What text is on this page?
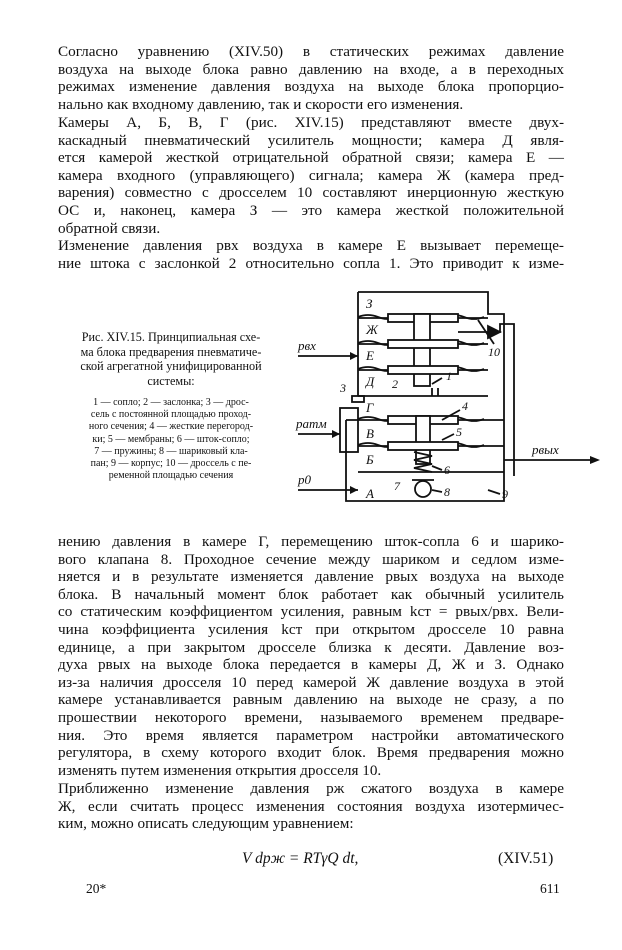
Согласно уравнению (XIV.50) в статических режимах давление
воздуха на выходе блока равно давлению на входе, а в переходных
режимах изменение давления воздуха на выходе блока пропорцио-
нально как входному давлению, так и скорости его изменения.

Камеры А, Б, В, Г (рис. XIV.15) представляют вместе двух-
каскадный пневматический усилитель мощности; камера Д явля-
ется камерой жесткой отрицательной обратной связи; камера Е —
камера входного (управляющего) сигнала; камера Ж (камера пред-
варения) совместно с дросселем 10 составляют инерционную жесткую
ОС и, наконец, камера З — это камера жесткой положительной
обратной связи.

Изменение давления pвх воздуха в камере Е вызывает перемеще-
ние штока с заслонкой 2 относительно сопла 1. Это приводит к изме-

Рис. XIV.15. Принципиальная схе-
ма блока предварения пневматиче-
ской агрегатной унифицированной
системы:
1 — сопло; 2 — заслонка; 3 — дрос-
сель с постоянной площадью проход-
ного сечения; 4 — жесткие перегород-
ки; 5 — мембраны; 6 — шток-сопло;
7 — пружины; 8 — шариковый кла-
пан; 9 — корпус; 10 — дроссель с пе-
ременной площадью сечения
З
Ж
Е
Д
Г
В
Б
А
1
2
3
4
5
6
7	8	9
10
pвх
pатм
pвых
p0

нению давления в камере Г, перемещению шток-сопла 6 и шарико-
вого клапана 8. Проходное сечение между шариком и седлом изме-
няется и в результате изменяется давление pвых воздуха на выходе
блока. В начальный момент блок работает как обычный усилитель
со статическим коэффициентом усиления, равным kст = pвых/pвх. Вели-
чина коэффициента усиления kст при открытом дросселе 10 равна
единице, а при закрытом дросселе близка к десяти. Давление воз-
духа pвых на выходе блока передается в камеры Д, Ж и З. Однако
из-за наличия дросселя 10 перед камерой Ж давление воздуха в этой
камере устанавливается равным давлению на выходе не сразу, а по
прошествии некоторого времени, называемого временем предваре-
ния. Это время является параметром настройки автоматического
регулятора, в схему которого входит блок. Время предварения можно
изменять путем изменения открытия дросселя 10.

Приближенно изменение давления pж сжатого воздуха в камере
Ж, если считать процесс изменения состояния воздуха изотермичес-
ким, можно описать следующим уравнением:

V dpж = RTγQ dt,	(XIV.51)
20*	611
